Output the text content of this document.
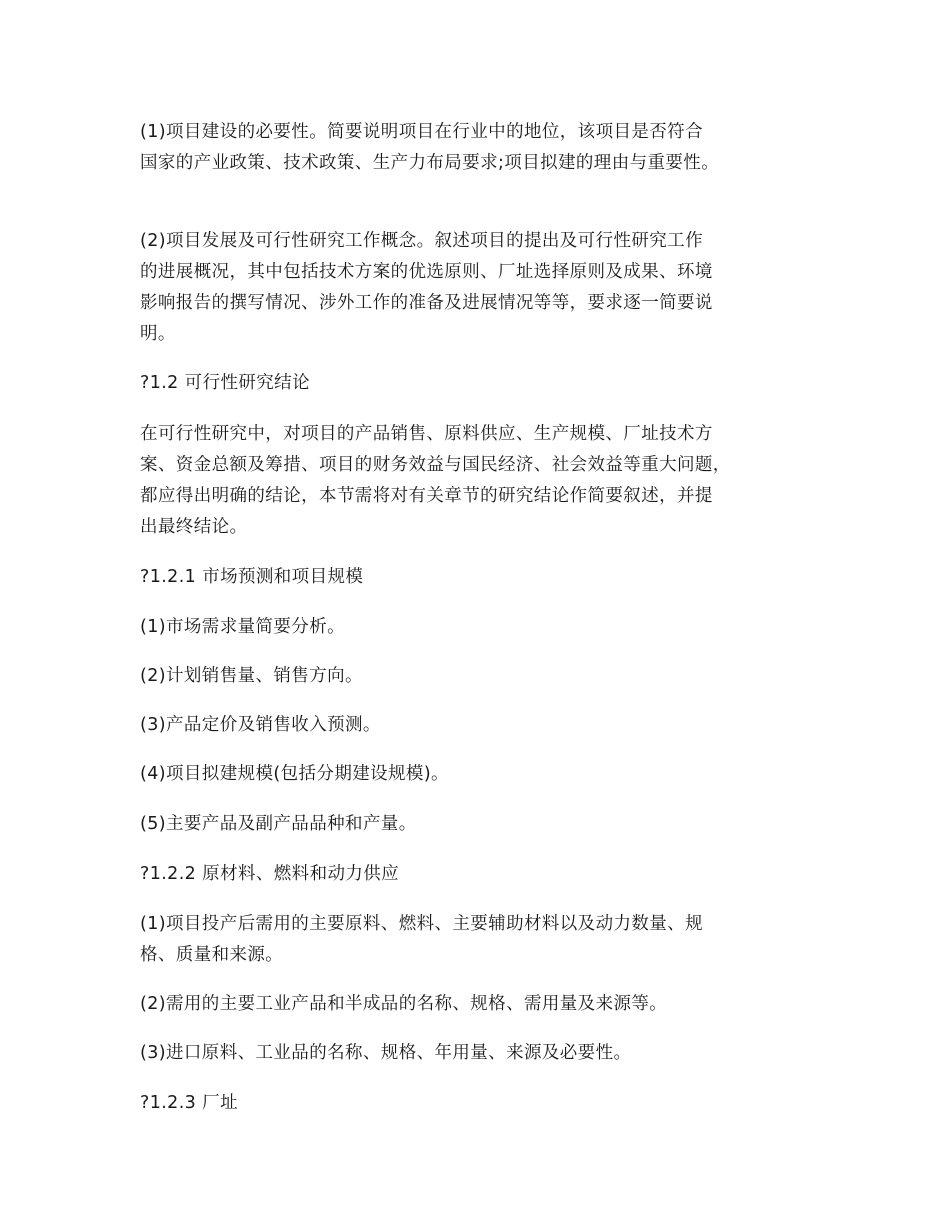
(1)项目建设的必要性。简要说明项目在行业中的地位，该项目是否符合
国家的产业政策、技术政策、生产力布局要求;项目拟建的理由与重要性。

(2)项目发展及可行性研究工作概念。叙述项目的提出及可行性研究工作
的进展概况，其中包括技术方案的优选原则、厂址选择原则及成果、环境
影响报告的撰写情况、涉外工作的准备及进展情况等等，要求逐一简要说
明。

?1.2 可行性研究结论

在可行性研究中，对项目的产品销售、原料供应、生产规模、厂址技术方
案、资金总额及筹措、项目的财务效益与国民经济、社会效益等重大问题，
都应得出明确的结论，本节需将对有关章节的研究结论作简要叙述，并提
出最终结论。

?1.2.1 市场预测和项目规模

(1)市场需求量简要分析。

(2)计划销售量、销售方向。

(3)产品定价及销售收入预测。

(4)项目拟建规模(包括分期建设规模)。

(5)主要产品及副产品品种和产量。

?1.2.2 原材料、燃料和动力供应

(1)项目投产后需用的主要原料、燃料、主要辅助材料以及动力数量、规
格、质量和来源。

(2)需用的主要工业产品和半成品的名称、规格、需用量及来源等。

(3)进口原料、工业品的名称、规格、年用量、来源及必要性。

?1.2.3 厂址
